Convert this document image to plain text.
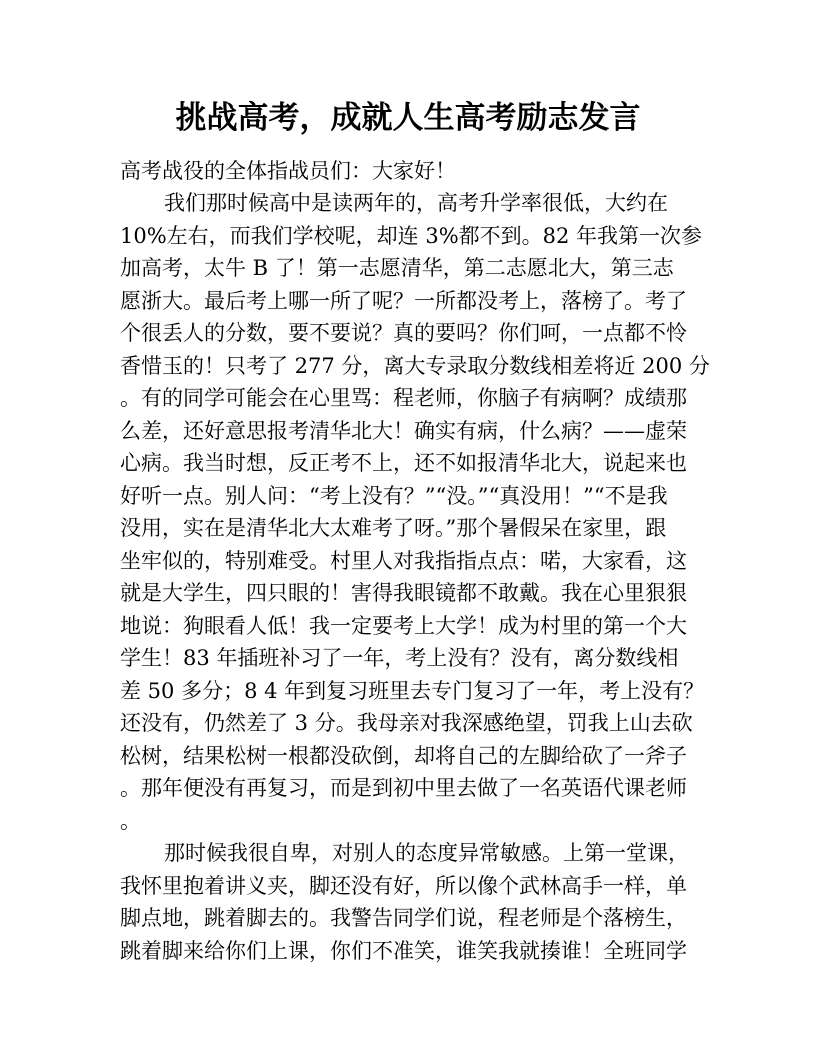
挑战高考，成就人生高考励志发言
高考战役的全体指战员们：大家好！
我们那时候高中是读两年的，高考升学率很低，大约在
10%左右，而我们学校呢，却连 3%都不到。82 年我第一次参
加高考，太牛 B 了！第一志愿清华，第二志愿北大，第三志
愿浙大。最后考上哪一所了呢？一所都没考上，落榜了。考了
个很丢人的分数，要不要说？真的要吗？你们呵，一点都不怜
香惜玉的！只考了 277 分，离大专录取分数线相差将近 200 分
。有的同学可能会在心里骂：程老师，你脑子有病啊？成绩那
么差，还好意思报考清华北大！确实有病，什么病？——虚荣
心病。我当时想，反正考不上，还不如报清华北大，说起来也
好听一点。别人问：“考上没有？”“没。”“真没用！”“不是我
没用，实在是清华北大太难考了呀。”那个暑假呆在家里，跟
坐牢似的，特别难受。村里人对我指指点点：喏，大家看，这
就是大学生，四只眼的！害得我眼镜都不敢戴。我在心里狠狠
地说：狗眼看人低！我一定要考上大学！成为村里的第一个大
学生！83 年插班补习了一年，考上没有？没有，离分数线相
差 50 多分；8 4 年到复习班里去专门复习了一年，考上没有？
还没有，仍然差了 3 分。我母亲对我深感绝望，罚我上山去砍
松树，结果松树一根都没砍倒，却将自己的左脚给砍了一斧子
。那年便没有再复习，而是到初中里去做了一名英语代课老师
。
那时候我很自卑，对别人的态度异常敏感。上第一堂课，
我怀里抱着讲义夹，脚还没有好，所以像个武林高手一样，单
脚点地，跳着脚去的。我警告同学们说，程老师是个落榜生，
跳着脚来给你们上课，你们不准笑，谁笑我就揍谁！全班同学
